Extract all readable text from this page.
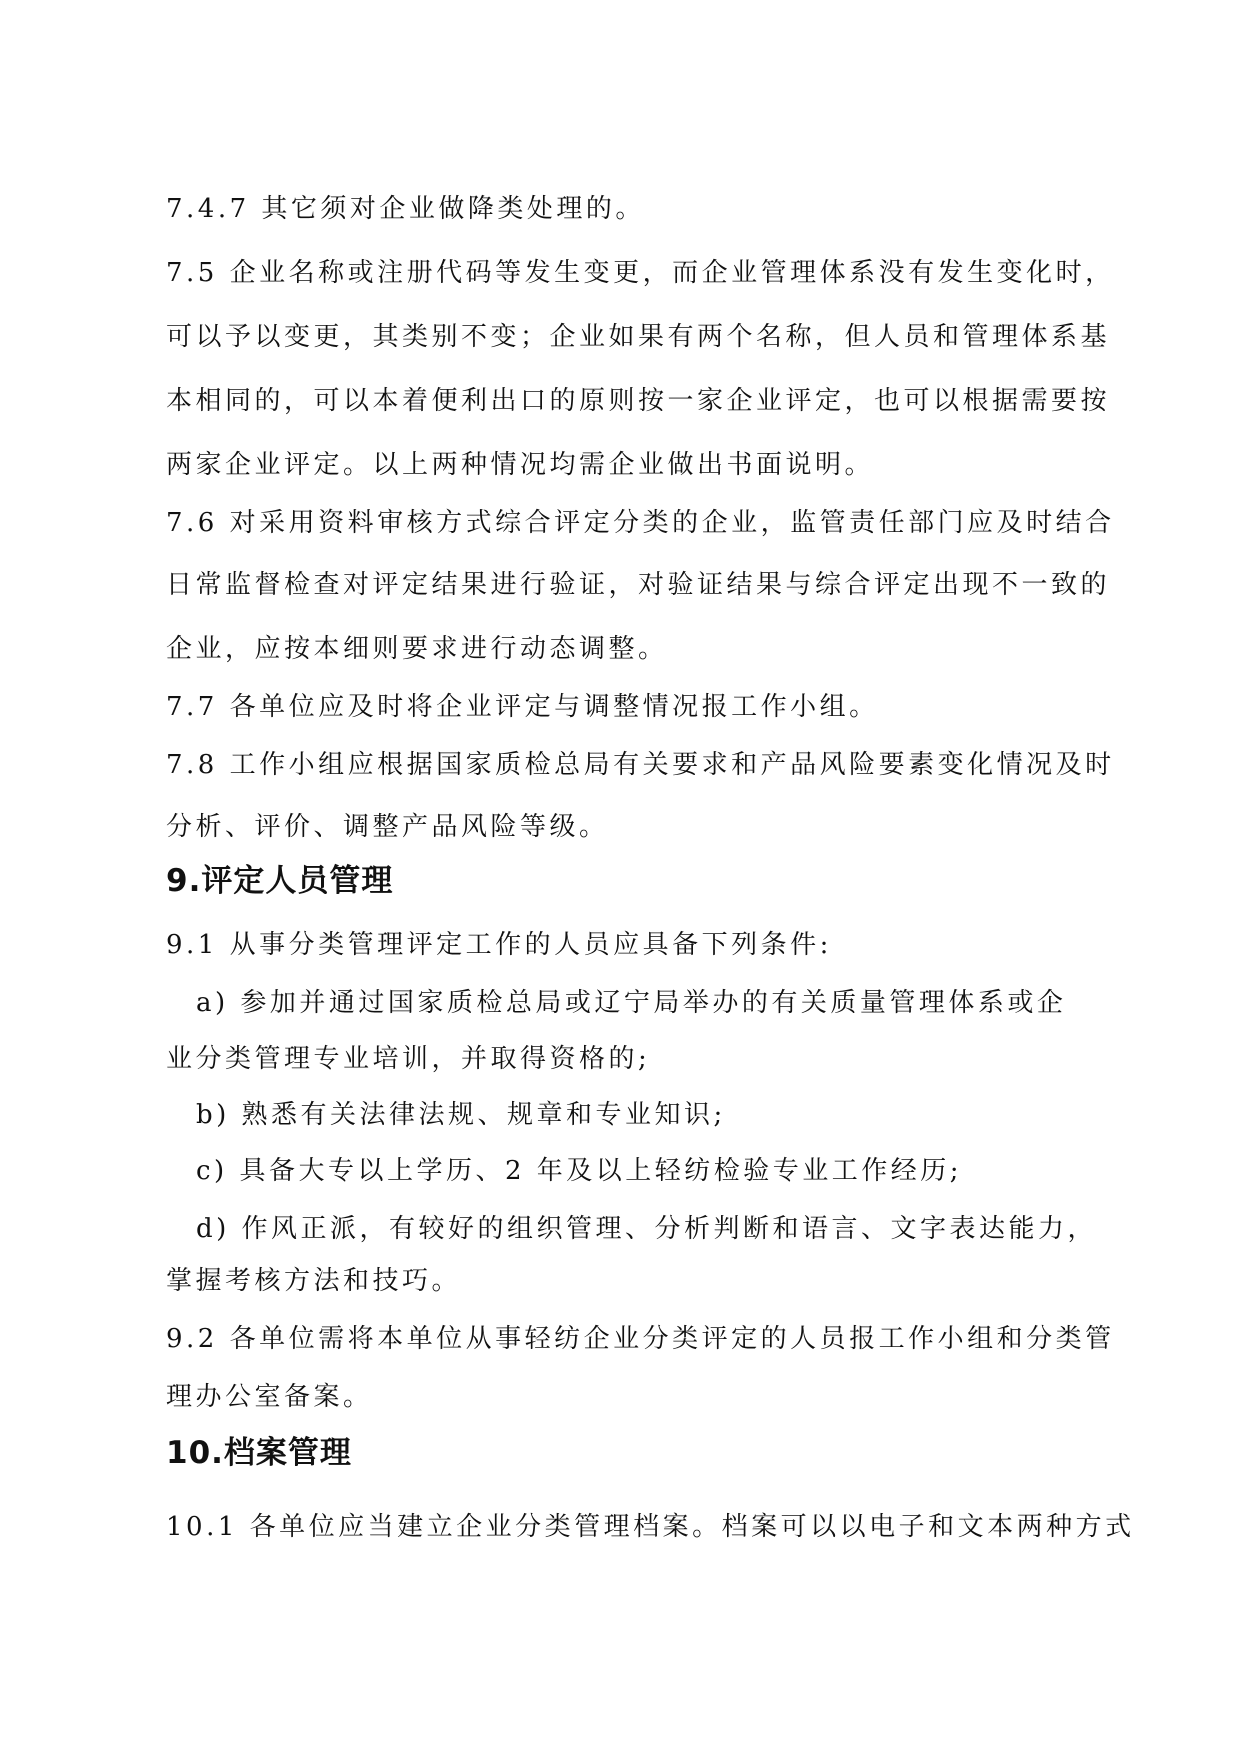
7.4.7 其它须对企业做降类处理的。
7.5 企业名称或注册代码等发生变更，而企业管理体系没有发生变化时，
可以予以变更，其类别不变；企业如果有两个名称，但人员和管理体系基
本相同的，可以本着便利出口的原则按一家企业评定，也可以根据需要按
两家企业评定。以上两种情况均需企业做出书面说明。
7.6 对采用资料审核方式综合评定分类的企业，监管责任部门应及时结合
日常监督检查对评定结果进行验证，对验证结果与综合评定出现不一致的
企业，应按本细则要求进行动态调整。
7.7 各单位应及时将企业评定与调整情况报工作小组。
7.8 工作小组应根据国家质检总局有关要求和产品风险要素变化情况及时
分析、评价、调整产品风险等级。
9.评定人员管理
9.1 从事分类管理评定工作的人员应具备下列条件:
a) 参加并通过国家质检总局或辽宁局举办的有关质量管理体系或企
业分类管理专业培训，并取得资格的;
b) 熟悉有关法律法规、规章和专业知识;
c) 具备大专以上学历、2 年及以上轻纺检验专业工作经历;
d) 作风正派，有较好的组织管理、分析判断和语言、文字表达能力，
掌握考核方法和技巧。
9.2 各单位需将本单位从事轻纺企业分类评定的人员报工作小组和分类管
理办公室备案。
10.档案管理
10.1 各单位应当建立企业分类管理档案。档案可以以电子和文本两种方式
